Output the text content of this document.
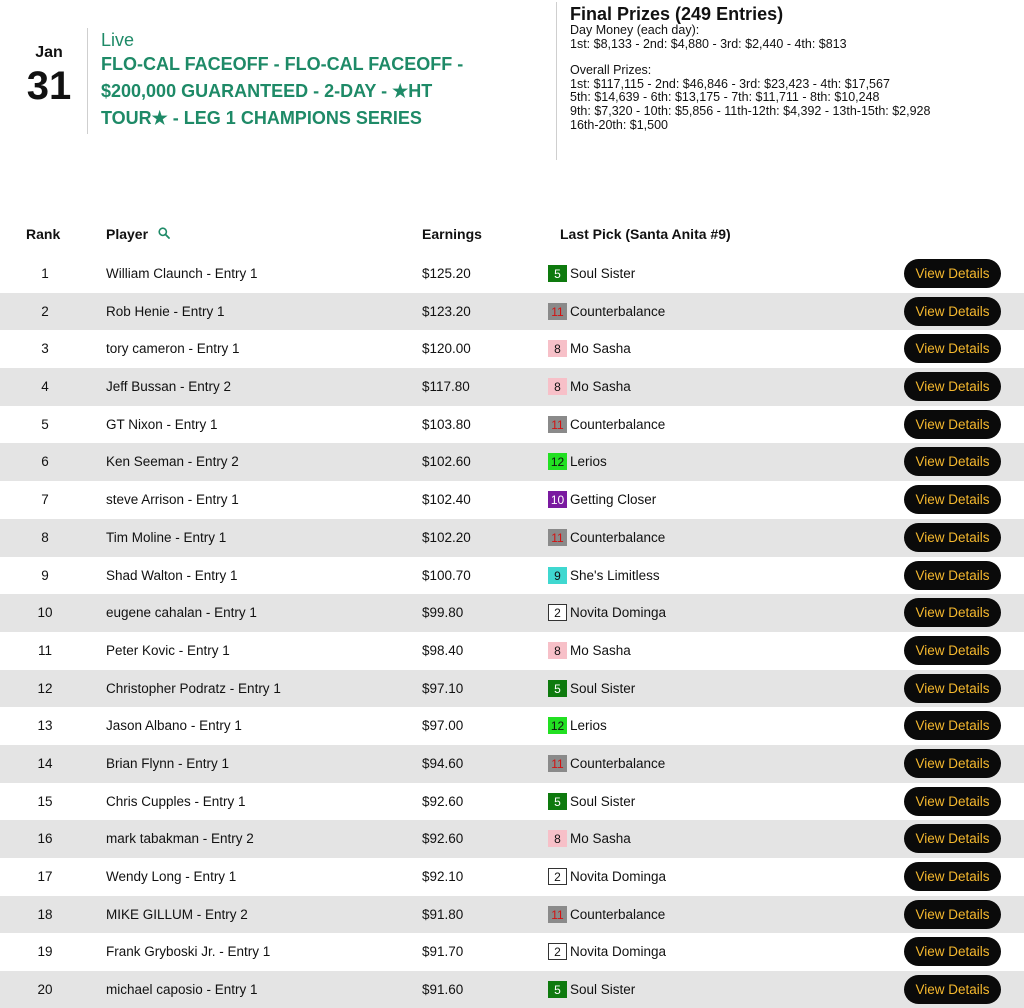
Jan
31
Live
FLO-CAL FACEOFF - FLO-CAL FACEOFF -
$200,000 GUARANTEED - 2-DAY - ★HT
TOUR★ - LEG 1 CHAMPIONS SERIES
Final Prizes (249 Entries)
Day Money (each day):
1st: $8,133 - 2nd: $4,880 - 3rd: $2,440 - 4th: $813
Overall Prizes:
1st: $117,115 - 2nd: $46,846 - 3rd: $23,423 - 4th: $17,567
5th: $14,639 - 6th: $13,175 - 7th: $11,711 - 8th: $10,248
9th: $7,320 - 10th: $5,856 - 11th-12th: $4,392 - 13th-15th: $2,928
16th-20th: $1,500
Rank	Player	Earnings	Last Pick (Santa Anita #9)
1	William Claunch - Entry 1	$125.20	5 Soul Sister	View Details
2	Rob Henie - Entry 1	$123.20	11 Counterbalance	View Details
3	tory cameron - Entry 1	$120.00	8 Mo Sasha	View Details
4	Jeff Bussan - Entry 2	$117.80	8 Mo Sasha	View Details
5	GT Nixon - Entry 1	$103.80	11 Counterbalance	View Details
6	Ken Seeman - Entry 2	$102.60	12 Lerios	View Details
7	steve Arrison - Entry 1	$102.40	10 Getting Closer	View Details
8	Tim Moline - Entry 1	$102.20	11 Counterbalance	View Details
9	Shad Walton - Entry 1	$100.70	9 She's Limitless	View Details
10	eugene cahalan - Entry 1	$99.80	2 Novita Dominga	View Details
11	Peter Kovic - Entry 1	$98.40	8 Mo Sasha	View Details
12	Christopher Podratz - Entry 1	$97.10	5 Soul Sister	View Details
13	Jason Albano - Entry 1	$97.00	12 Lerios	View Details
14	Brian Flynn - Entry 1	$94.60	11 Counterbalance	View Details
15	Chris Cupples - Entry 1	$92.60	5 Soul Sister	View Details
16	mark tabakman - Entry 2	$92.60	8 Mo Sasha	View Details
17	Wendy Long - Entry 1	$92.10	2 Novita Dominga	View Details
18	MIKE GILLUM - Entry 2	$91.80	11 Counterbalance	View Details
19	Frank Gryboski Jr. - Entry 1	$91.70	2 Novita Dominga	View Details
20	michael caposio - Entry 1	$91.60	5 Soul Sister	View Details
